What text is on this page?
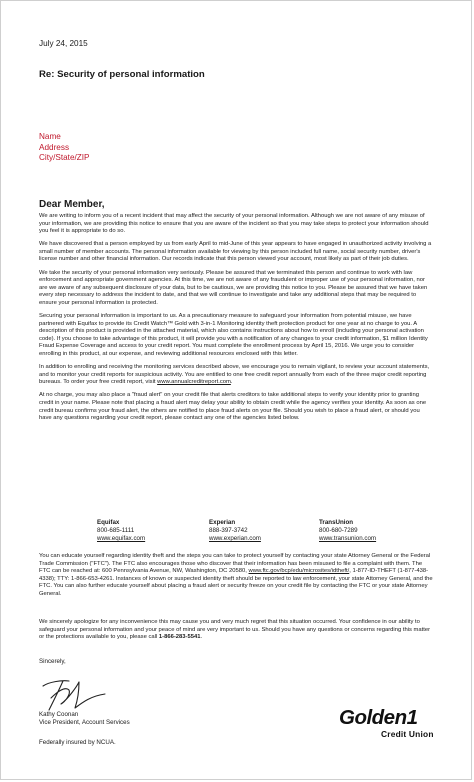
July 24, 2015
Re: Security of personal information
Name
Address
City/State/ZIP
Dear Member,

We are writing to inform you of a recent incident that may affect the security of your personal information. Although we are not aware of any misuse of your information, we are providing this notice to ensure that you are aware of the incident so that you may take steps to protect your information should you feel it is appropriate to do so.

We have discovered that a person employed by us from early April to mid-June of this year appears to have engaged in unauthorized activity involving a small number of member accounts. The personal information available for viewing by this person included full name, social security number, driver's license number and other financial information. Our records indicate that this person viewed your account, most likely as part of their job duties.

We take the security of your personal information very seriously. Please be assured that we terminated this person and continue to work with law enforcement and appropriate government agencies. At this time, we are not aware of any fraudulent or improper use of your personal information, nor are we aware of any subsequent disclosure of your data, but to be cautious, we are providing this notice to you. Please be assured that we have taken every step necessary to address the incident to date, and that we will continue to investigate and take any additional steps that may be required to ensure your personal information is protected.

Securing your personal information is important to us. As a precautionary measure to safeguard your information from potential misuse, we have partnered with Equifax to provide its Credit Watch™ Gold with 3-in-1 Monitoring identity theft protection product for one year at no charge to you. A description of this product is provided in the attached material, which also contains instructions about how to enroll (including your personal activation code). If you choose to take advantage of this product, it will provide you with a notification of any changes to your credit information, $1 million Identity Fraud Expense Coverage and access to your credit report. You must complete the enrollment process by April 15, 2016. We urge you to consider enrolling in this product, at our expense, and reviewing additional resources enclosed with this letter.

In addition to enrolling and receiving the monitoring services described above, we encourage you to remain vigilant, to review your account statements, and to monitor your credit reports for suspicious activity. You are entitled to one free credit report annually from each of the three major credit reporting bureaus. To order your free credit report, visit www.annualcreditreport.com.

At no charge, you may also place a "fraud alert" on your credit file that alerts creditors to take additional steps to verify your identity prior to granting credit in your name. Please note that placing a fraud alert may delay your ability to obtain credit while the agency verifies your identity. As soon as one credit bureau confirms your fraud alert, the others are notified to place fraud alerts on your file. Should you wish to place a fraud alert, or should you have any questions regarding your credit report, please contact any one of the agencies listed below.

Equifax
800-685-1111
www.equifax.com
Experian
888-397-3742
www.experian.com
TransUnion
800-680-7289
www.transunion.com

You can educate yourself regarding identity theft and the steps you can take to protect yourself by contacting your state Attorney General or the Federal Trade Commission ("FTC"). The FTC also encourages those who discover that their information has been misused to file a complaint with them. The FTC can be reached at: 600 Pennsylvania Avenue, NW, Washington, DC 20580, www.ftc.gov/bcp/edu/microsites/idtheft/, 1-877-ID-THEFT (1-877-438-4338); TTY: 1-866-653-4261. Instances of known or suspected identity theft should be reported to law enforcement, your state Attorney General, and the FTC. You can also further educate yourself about placing a fraud alert or security freeze on your credit file by contacting the FTC or your state Attorney General.

We sincerely apologize for any inconvenience this may cause you and very much regret that this situation occurred. Your confidence in our ability to safeguard your personal information and your peace of mind are very important to us. Should you have any questions or concerns regarding this matter or the protections available to you, please call 1-866-283-5541.

Sincerely,
Kathy Coonan
Vice President, Account Services
Federally insured by NCUA.
Golden1
Credit Union
